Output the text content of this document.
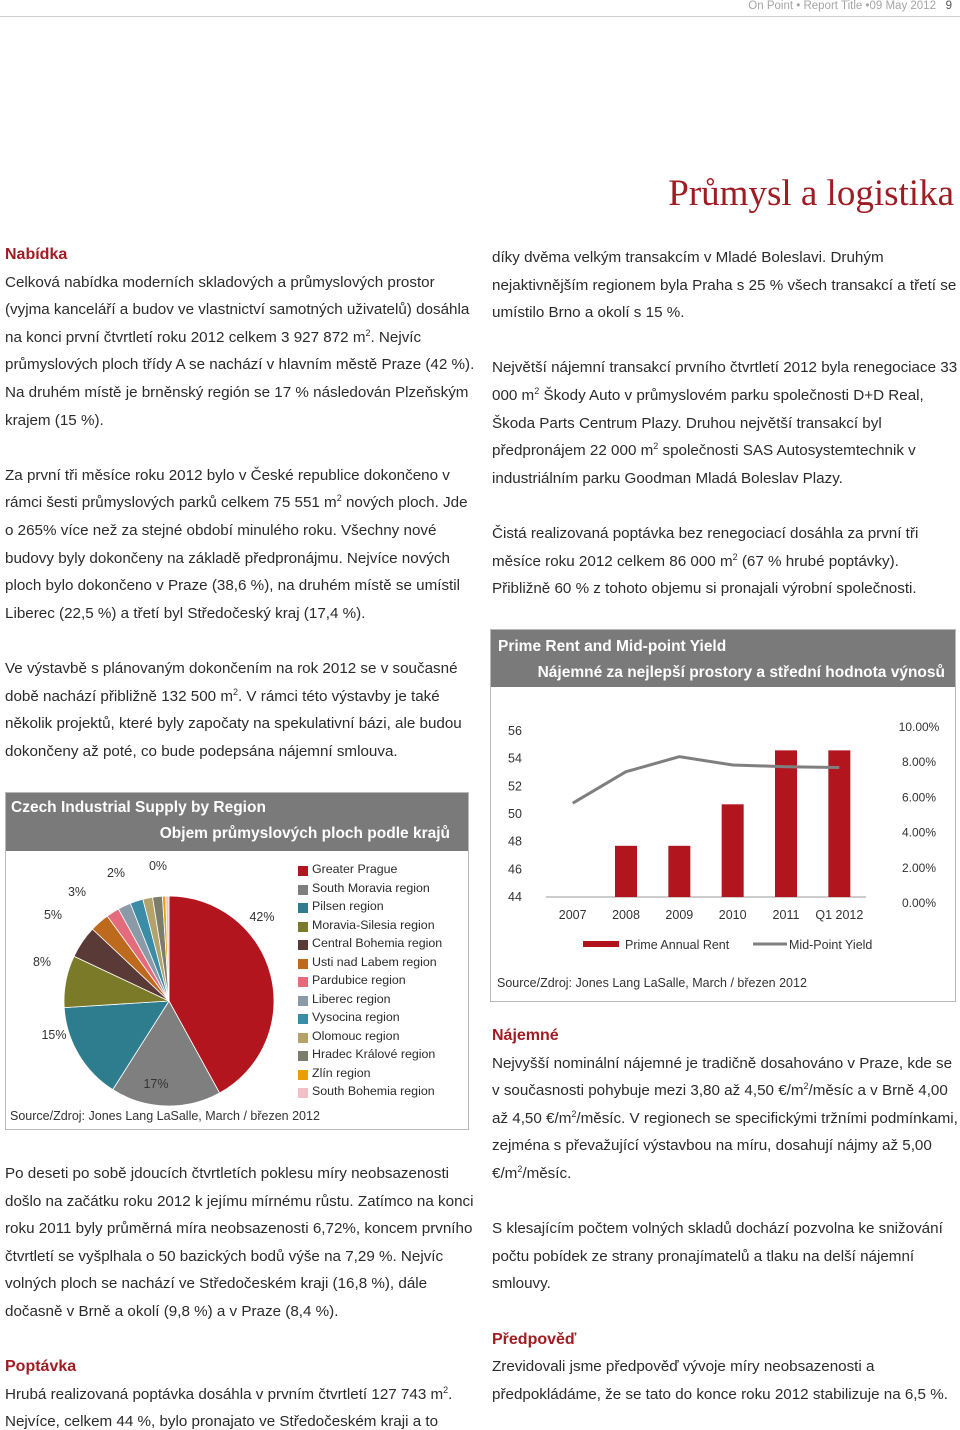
On Point • Report Title •09 May 2012 9
Průmysl a logistika
Nabídka

Celková nabídka moderních skladových a průmyslových prostor (vyjma kanceláří a budov ve vlastnictví samotných uživatelů) dosáhla na konci první čtvrtletí roku 2012 celkem 3 927 872 $m^2$. Nejvíc průmyslových ploch třídy A se nachází v hlavním městě Praze (42 %). Na druhém místě je brněnský región se 17 % následován Plzeňským krajem (15 %).

Za první tři měsíce roku 2012 bylo v České republice dokončeno v rámci šesti průmyslových parků celkem 75 551 $m^2$ nových ploch. Jde o 265% více než za stejné období minulého roku. Všechny nové budovy byly dokončeny na základě předpronájmu. Nejvíce nových ploch bylo dokončeno v Praze (38,6 %), na druhém místě se umístil Liberec (22,5 %) a třetí byl Středočeský kraj (17,4 %).

Ve výstavbě s plánovaným dokončením na rok 2012 se v současné době nachází přibližně 132 500 $m^2$. V rámci této výstavby je také několik projektů, které byly započaty na spekulativní bázi, ale budou dokončeny až poté, co bude podepsána nájemní smlouva.

Czech Industrial Supply by Region
Objem průmyslových ploch podle krajů
42%
17%
15%
8%
5%
3%
2% 0%
Source/Zdroj: Jones Lang LaSalle, March / březen 2012
Greater Prague
South Moravia region
Pilsen region
Moravia-Silesia region
Central Bohemia region
Usti nad Labem region
Pardubice region
Liberec region
Vysocina region
Olomouc region
Hradec Králové region
Zlín region
South Bohemia region

Po deseti po sobě jdoucích čtvrtletích poklesu míry neobsazenosti došlo na začátku roku 2012 k jejímu mírnému růstu. Zatímco na konci roku 2011 byly průměrná míra neobsazenosti 6,72%, koncem prvního čtvrtletí se vyšplhala o 50 bazických bodů výše na 7,29 %. Nejvíc volných ploch se nachází ve Středočeském kraji (16,8 %), dále dočasně v Brně a okolí (9,8 %) a v Praze (8,4 %).

Poptávka

Hrubá realizovaná poptávka dosáhla v prvním čtvrtletí 127 743 $m^2$. Nejvíce, celkem 44 %, bylo pronajato ve Středočeském kraji a to

díky dvěma velkým transakcím v Mladé Boleslavi. Druhým nejaktivnějším regionem byla Praha s 25 % všech transakcí a třetí se umístilo Brno a okolí s 15 %.

Největší nájemní transakcí prvního čtvrtletí 2012 byla renegociace 33 000 $m^2$ Škody Auto v průmyslovém parku společnosti D+D Real, Škoda Parts Centrum Plazy. Druhou největší transakcí byl předpronájem 22 000 $m^2$ společnosti SAS Autosystemtechnik v industriálním parku Goodman Mladá Boleslav Plazy.

Čistá realizovaná poptávka bez renegociací dosáhla za první tři měsíce roku 2012 celkem 86 000 $m^2$ (67 % hrubé poptávky). Přibližně 60 % z tohoto objemu si pronajali výrobní společnosti.

Prime Rent and Mid-point Yield
Nájemné za nejlepší prostory a střední hodnota výnosů
44
46
48
50
52
54
56
0.00%
2.00%
4.00%
6.00%
8.00%
10.00%
2007 2008 2009 2010 2011 Q1 2012
Prime Annual Rent	Mid-Point Yield
Source/Zdroj: Jones Lang LaSalle, March / březen 2012
Nájemné

Nejvyšší nominální nájemné je tradičně dosahováno v Praze, kde se v současnosti pohybuje mezi 3,80 až 4,50 $€/m^2$/měsíc a v Brně 4,00 až 4,50 $€/m^2$/měsíc. V regionech se specifickými tržními podmínkami, zejména s převažující výstavbou na míru, dosahují nájmy až 5,00 $€/m^2$/měsíc.

S klesajícím počtem volných skladů dochází pozvolna ke snižování počtu pobídek ze strany pronajímatelů a tlaku na delší nájemní smlouvy.

Předpověď

Zrevidovali jsme předpověď vývoje míry neobsazenosti a předpokládáme, že se tato do konce roku 2012 stabilizuje na 6,5 %.
